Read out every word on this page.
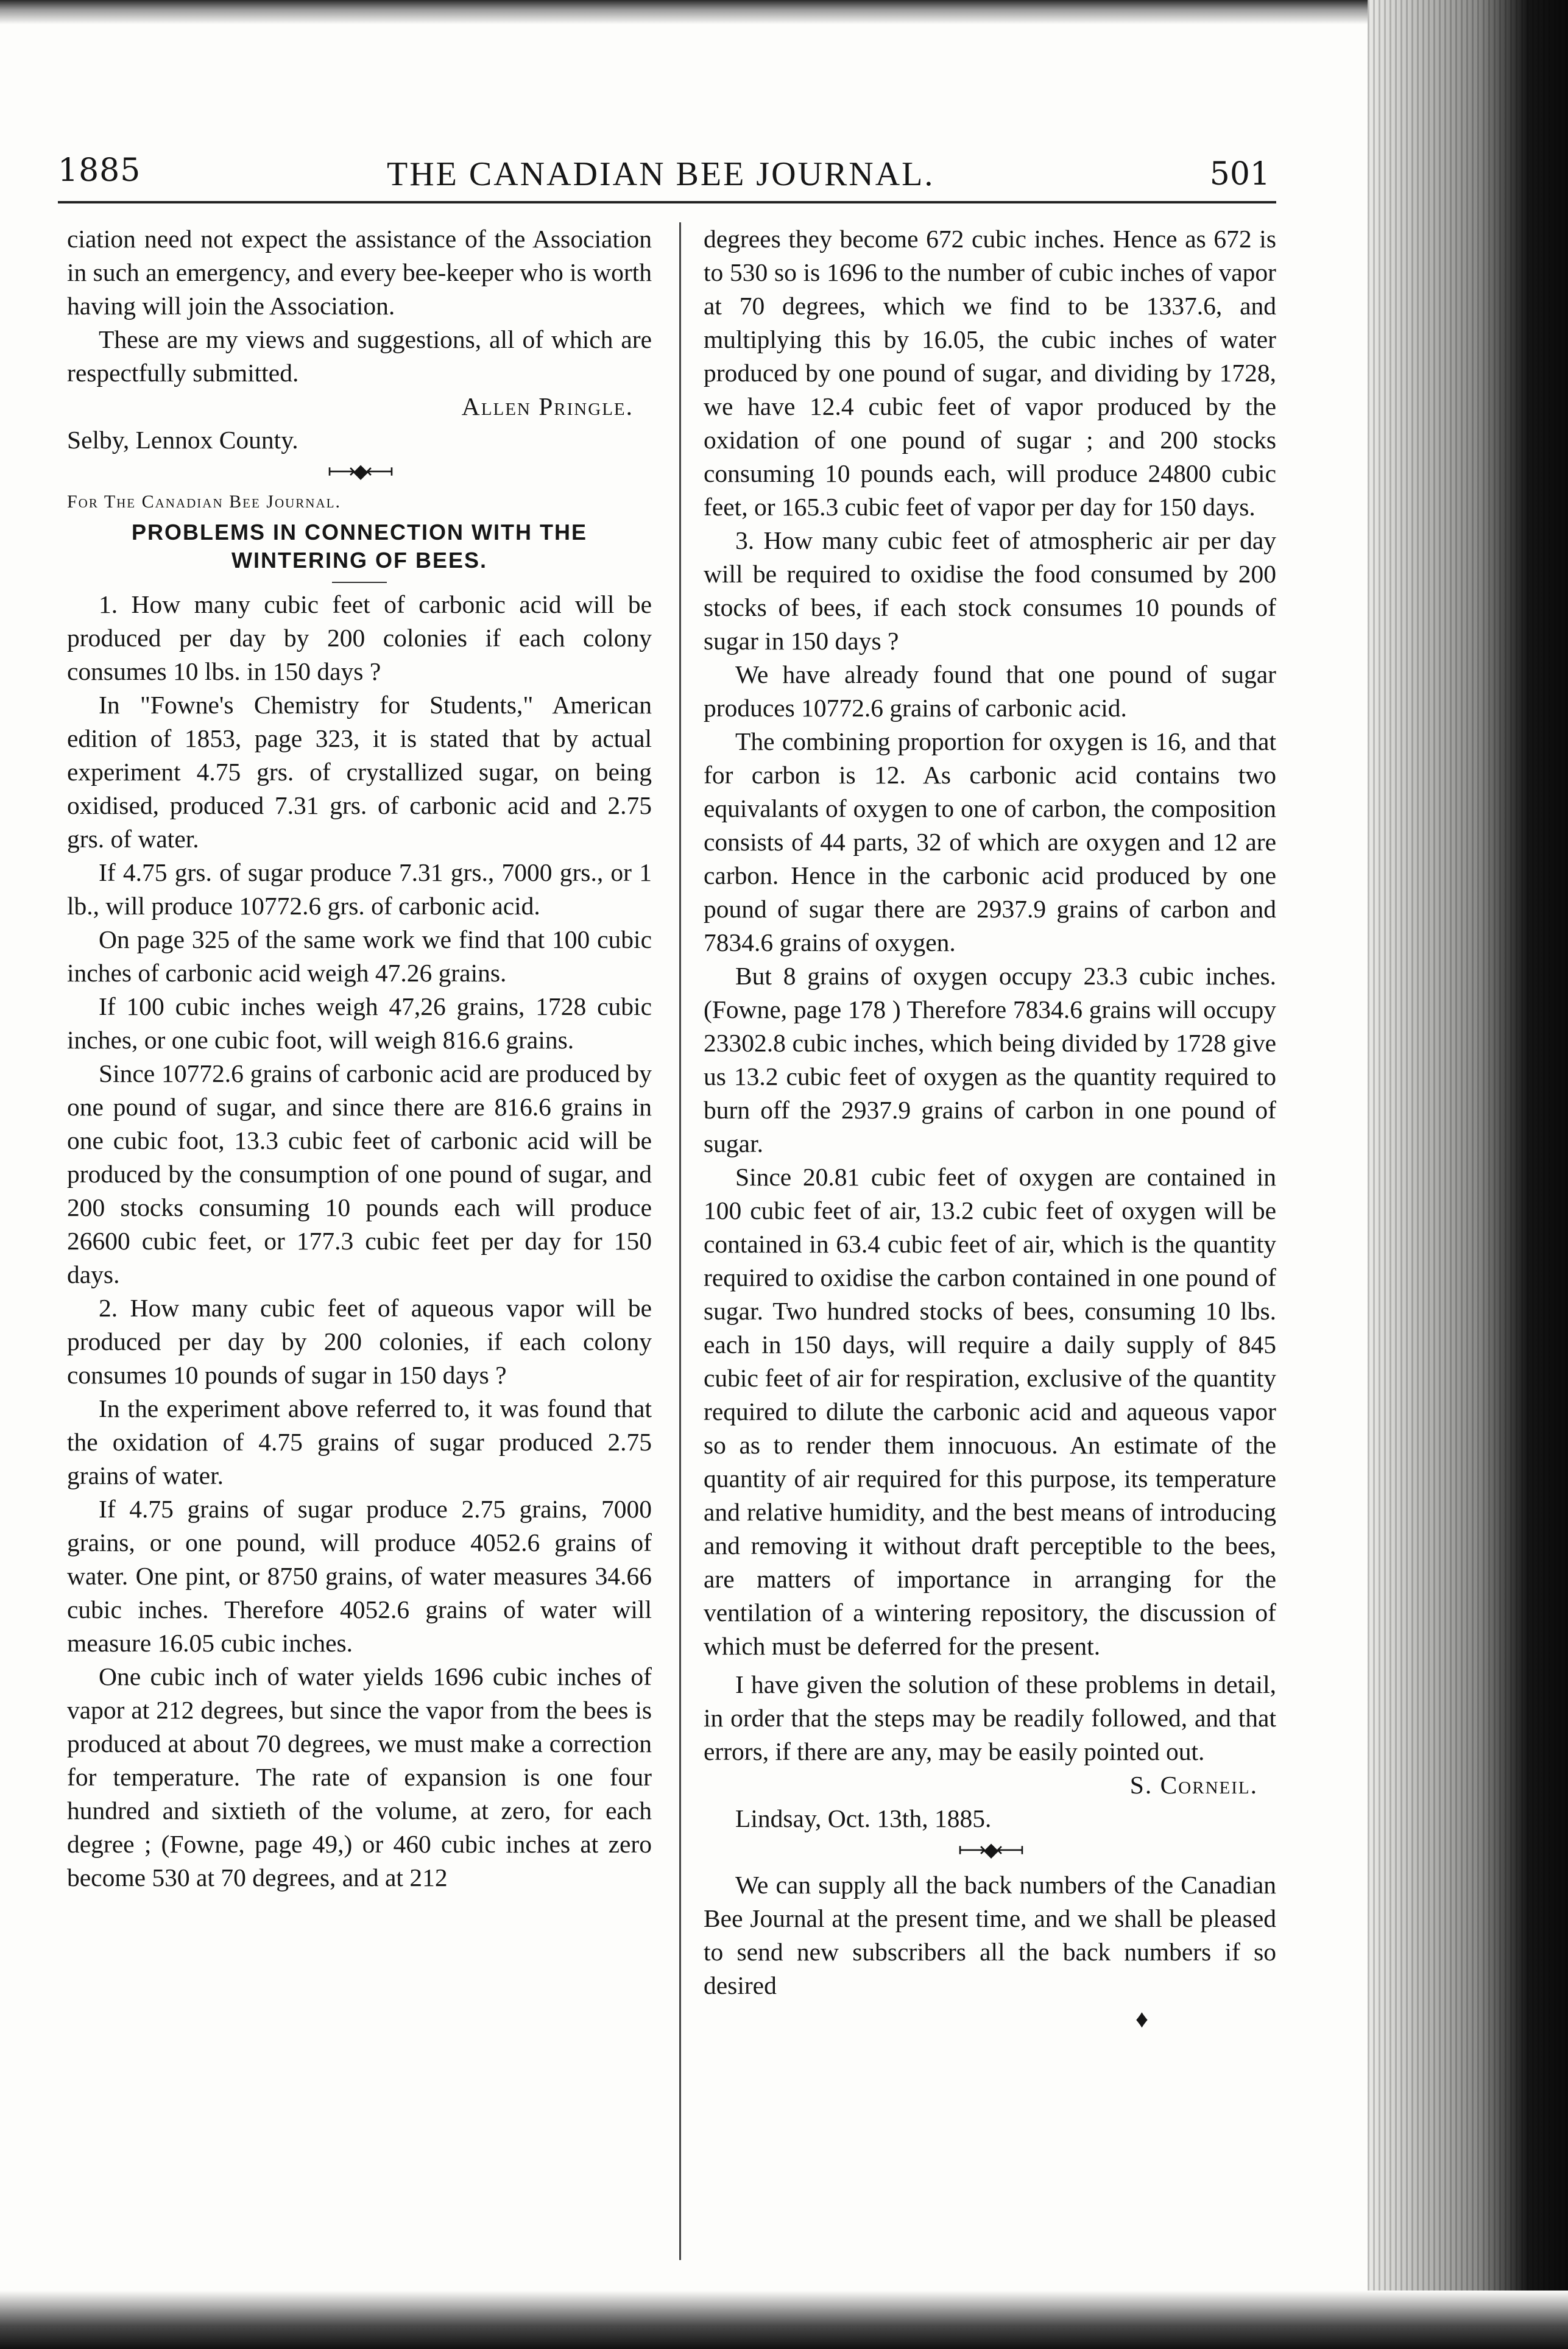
1885	THE CANADIAN BEE JOURNAL.	501

ciation need not expect the assistance of the Association in such an emergency, and every bee-keeper who is worth having will join the Association.

These are my views and suggestions, all of which are respectfully submitted.

Allen Pringle.

Selby, Lennox County.

⟼◆⟻

For The Canadian Bee Journal.

PROBLEMS IN CONNECTION WITH THE WINTERING OF BEES.

1. How many cubic feet of carbonic acid will be produced per day by 200 colonies if each colony consumes 10 lbs. in 150 days ?

In "Fowne's Chemistry for Students," American edition of 1853, page 323, it is stated that by actual experiment 4.75 grs. of crystallized sugar, on being oxidised, produced 7.31 grs. of carbonic acid and 2.75 grs. of water.

If 4.75 grs. of sugar produce 7.31 grs., 7000 grs., or 1 lb., will produce 10772.6 grs. of carbonic acid.

On page 325 of the same work we find that 100 cubic inches of carbonic acid weigh 47.26 grains.

If 100 cubic inches weigh 47,26 grains, 1728 cubic inches, or one cubic foot, will weigh 816.6 grains.

Since 10772.6 grains of carbonic acid are produced by one pound of sugar, and since there are 816.6 grains in one cubic foot, 13.3 cubic feet of carbonic acid will be produced by the consumption of one pound of sugar, and 200 stocks consuming 10 pounds each will produce 26600 cubic feet, or 177.3 cubic feet per day for 150 days.

2. How many cubic feet of aqueous vapor will be produced per day by 200 colonies, if each colony consumes 10 pounds of sugar in 150 days ?

In the experiment above referred to, it was found that the oxidation of 4.75 grains of sugar produced 2.75 grains of water.

If 4.75 grains of sugar produce 2.75 grains, 7000 grains, or one pound, will produce 4052.6 grains of water. One pint, or 8750 grains, of water measures 34.66 cubic inches. Therefore 4052.6 grains of water will measure 16.05 cubic inches.

One cubic inch of water yields 1696 cubic inches of vapor at 212 degrees, but since the vapor from the bees is produced at about 70 degrees, we must make a correction for temperature. The rate of expansion is one four hundred and sixtieth of the volume, at zero, for each degree ; (Fowne, page 49,) or 460 cubic inches at zero become 530 at 70 degrees, and at 212

degrees they become 672 cubic inches. Hence as 672 is to 530 so is 1696 to the number of cubic inches of vapor at 70 degrees, which we find to be 1337.6, and multiplying this by 16.05, the cubic inches of water produced by one pound of sugar, and dividing by 1728, we have 12.4 cubic feet of vapor produced by the oxidation of one pound of sugar ; and 200 stocks consuming 10 pounds each, will produce 24800 cubic feet, or 165.3 cubic feet of vapor per day for 150 days.

3. How many cubic feet of atmospheric air per day will be required to oxidise the food consumed by 200 stocks of bees, if each stock consumes 10 pounds of sugar in 150 days ?

We have already found that one pound of sugar produces 10772.6 grains of carbonic acid.

The combining proportion for oxygen is 16, and that for carbon is 12. As carbonic acid contains two equivalants of oxygen to one of carbon, the composition consists of 44 parts, 32 of which are oxygen and 12 are carbon. Hence in the carbonic acid produced by one pound of sugar there are 2937.9 grains of carbon and 7834.6 grains of oxygen.

But 8 grains of oxygen occupy 23.3 cubic inches. (Fowne, page 178 ) Therefore 7834.6 grains will occupy 23302.8 cubic inches, which being divided by 1728 give us 13.2 cubic feet of oxygen as the quantity required to burn off the 2937.9 grains of carbon in one pound of sugar.

Since 20.81 cubic feet of oxygen are contained in 100 cubic feet of air, 13.2 cubic feet of oxygen will be contained in 63.4 cubic feet of air, which is the quantity required to oxidise the carbon contained in one pound of sugar. Two hundred stocks of bees, consuming 10 lbs. each in 150 days, will require a daily supply of 845 cubic feet of air for respiration, exclusive of the quantity required to dilute the carbonic acid and aqueous vapor so as to render them innocuous. An estimate of the quantity of air required for this purpose, its temperature and relative humidity, and the best means of introducing and removing it without draft perceptible to the bees, are matters of importance in arranging for the ventilation of a wintering repository, the discussion of which must be deferred for the present.

I have given the solution of these problems in detail, in order that the steps may be readily followed, and that errors, if there are any, may be easily pointed out.

S. Corneil.

Lindsay, Oct. 13th, 1885.

⟼◆⟻

We can supply all the back numbers of the Canadian Bee Journal at the present time, and we shall be pleased to send new subscribers all the back numbers if so desired

♦
